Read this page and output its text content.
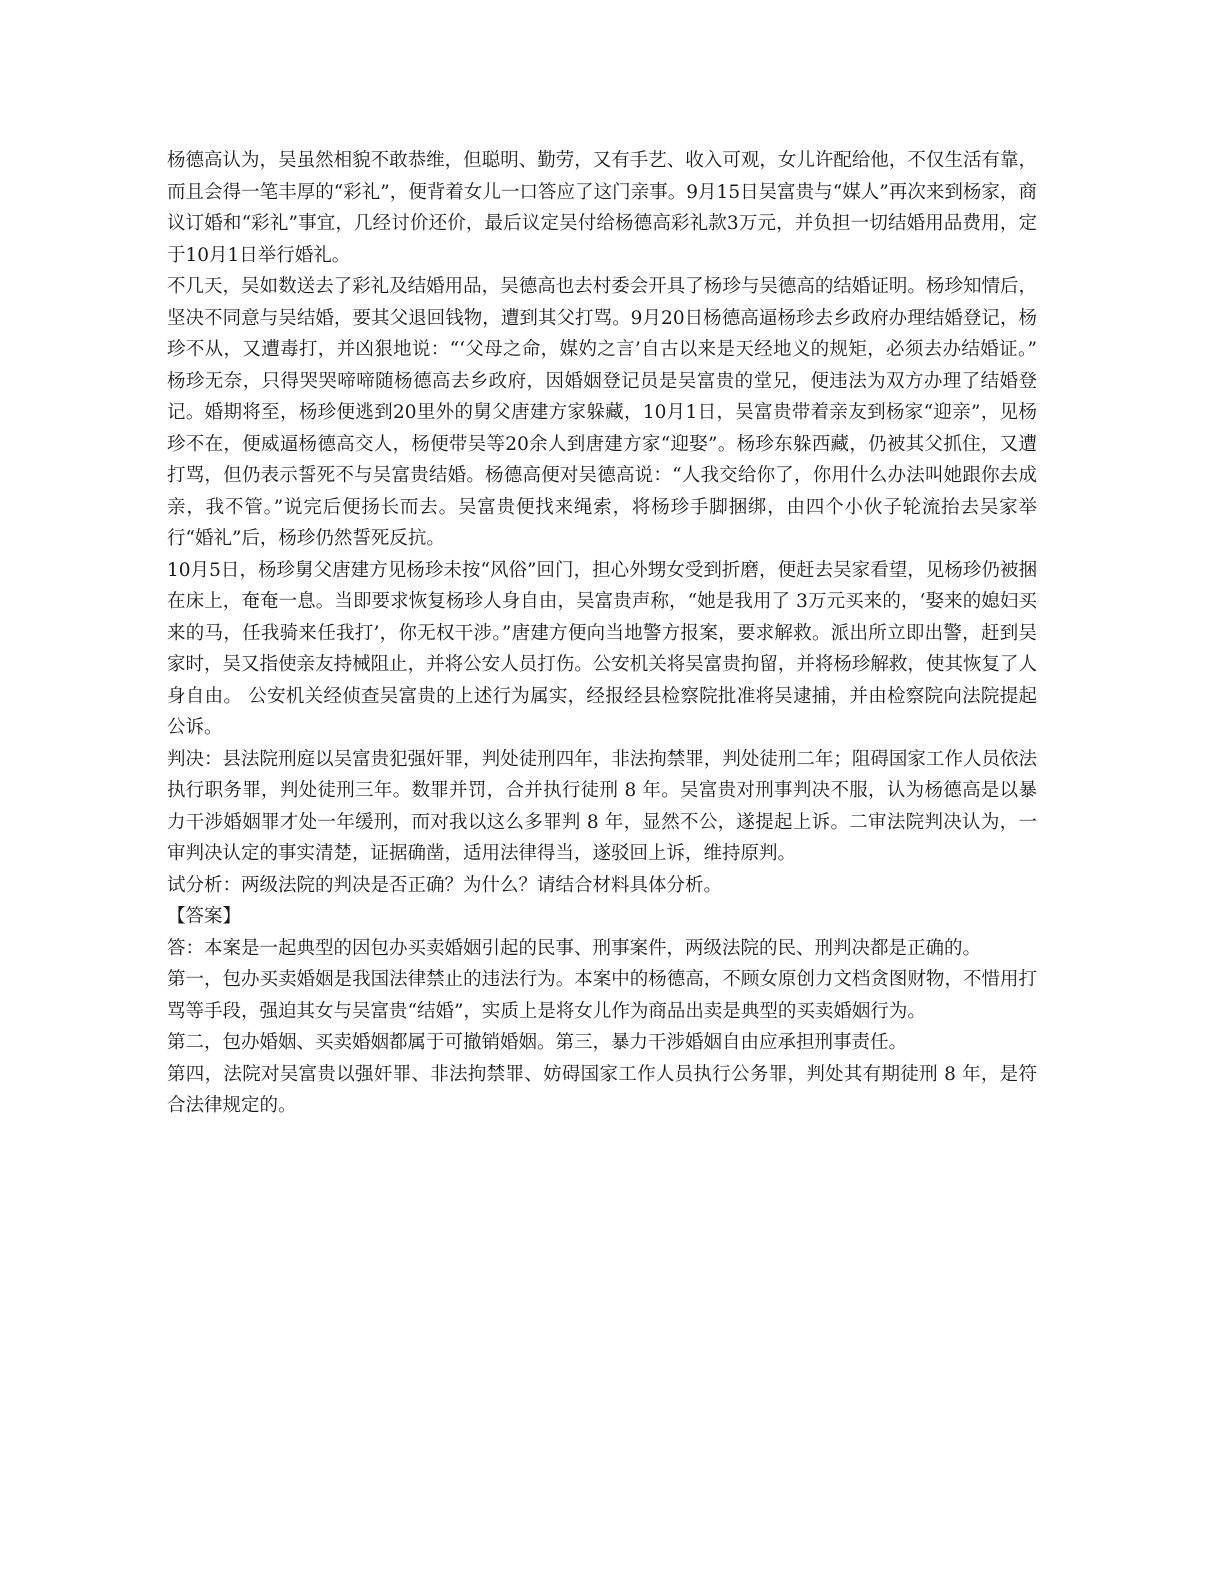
杨德高认为，吴虽然相貌不敢恭维，但聪明、勤劳，又有手艺、收入可观，女儿许配给他，不仅生活有靠，而且会得一笔丰厚的“彩礼”，便背着女儿一口答应了这门亲事。9月15日吴富贵与“媒人”再次来到杨家，商议订婚和“彩礼”事宜，几经讨价还价，最后议定吴付给杨德高彩礼款3万元，并负担一切结婚用品费用，定于10月1日举行婚礼。

不几天，吴如数送去了彩礼及结婚用品，吴德高也去村委会开具了杨珍与吴德高的结婚证明。杨珍知情后，坚决不同意与吴结婚，要其父退回钱物，遭到其父打骂。9月20日杨德高逼杨珍去乡政府办理结婚登记，杨珍不从，又遭毒打，并凶狠地说：“‘父母之命，媒妁之言’自古以来是天经地义的规矩，必须去办结婚证。” 杨珍无奈，只得哭哭啼啼随杨德高去乡政府，因婚姻登记员是吴富贵的堂兄，便违法为双方办理了结婚登记。婚期将至，杨珍便逃到20里外的舅父唐建方家躲藏，10月1日，吴富贵带着亲友到杨家“迎亲”，见杨珍不在，便威逼杨德高交人，杨便带吴等20余人到唐建方家“迎娶”。杨珍东躲西藏，仍被其父抓住，又遭打骂，但仍表示誓死不与吴富贵结婚。杨德高便对吴德高说：“人我交给你了，你用什么办法叫她跟你去成亲，我不管。”说完后便扬长而去。吴富贵便找来绳索，将杨珍手脚捆绑，由四个小伙子轮流抬去吴家举行“婚礼”后，杨珍仍然誓死反抗。

10月5日，杨珍舅父唐建方见杨珍未按“风俗”回门，担心外甥女受到折磨，便赶去吴家看望，见杨珍仍被捆在床上，奄奄一息。当即要求恢复杨珍人身自由，吴富贵声称，“她是我用了 3万元买来的，‘娶来的媳妇买来的马，任我骑来任我打’，你无权干涉。”唐建方便向当地警方报案，要求解救。派出所立即出警，赶到吴家时，吴又指使亲友持械阻止，并将公安人员打伤。公安机关将吴富贵拘留，并将杨珍解救，使其恢复了人身自由。 公安机关经侦查吴富贵的上述行为属实，经报经县检察院批准将吴逮捕，并由检察院向法院提起公诉。

判决：县法院刑庭以吴富贵犯强奸罪，判处徒刑四年，非法拘禁罪，判处徒刑二年；阻碍国家工作人员依法执行职务罪，判处徒刑三年。数罪并罚，合并执行徒刑 8 年。吴富贵对刑事判决不服，认为杨德高是以暴力干涉婚姻罪才处一年缓刑，而对我以这么多罪判 8 年，显然不公，遂提起上诉。二审法院判决认为，一审判决认定的事实清楚，证据确凿，适用法律得当，遂驳回上诉，维持原判。

试分析：两级法院的判决是否正确？为什么？请结合材料具体分析。

【答案】

答：本案是一起典型的因包办买卖婚姻引起的民事、刑事案件，两级法院的民、刑判决都是正确的。

第一，包办买卖婚姻是我国法律禁止的违法行为。本案中的杨德高，不顾女原创力文档贪图财物，不惜用打骂等手段，强迫其女与吴富贵“结婚”，实质上是将女儿作为商品出卖是典型的买卖婚姻行为。

第二，包办婚姻、买卖婚姻都属于可撤销婚姻。第三，暴力干涉婚姻自由应承担刑事责任。

第四，法院对吴富贵以强奸罪、非法拘禁罪、妨碍国家工作人员执行公务罪，判处其有期徒刑 8 年，是符合法律规定的。
